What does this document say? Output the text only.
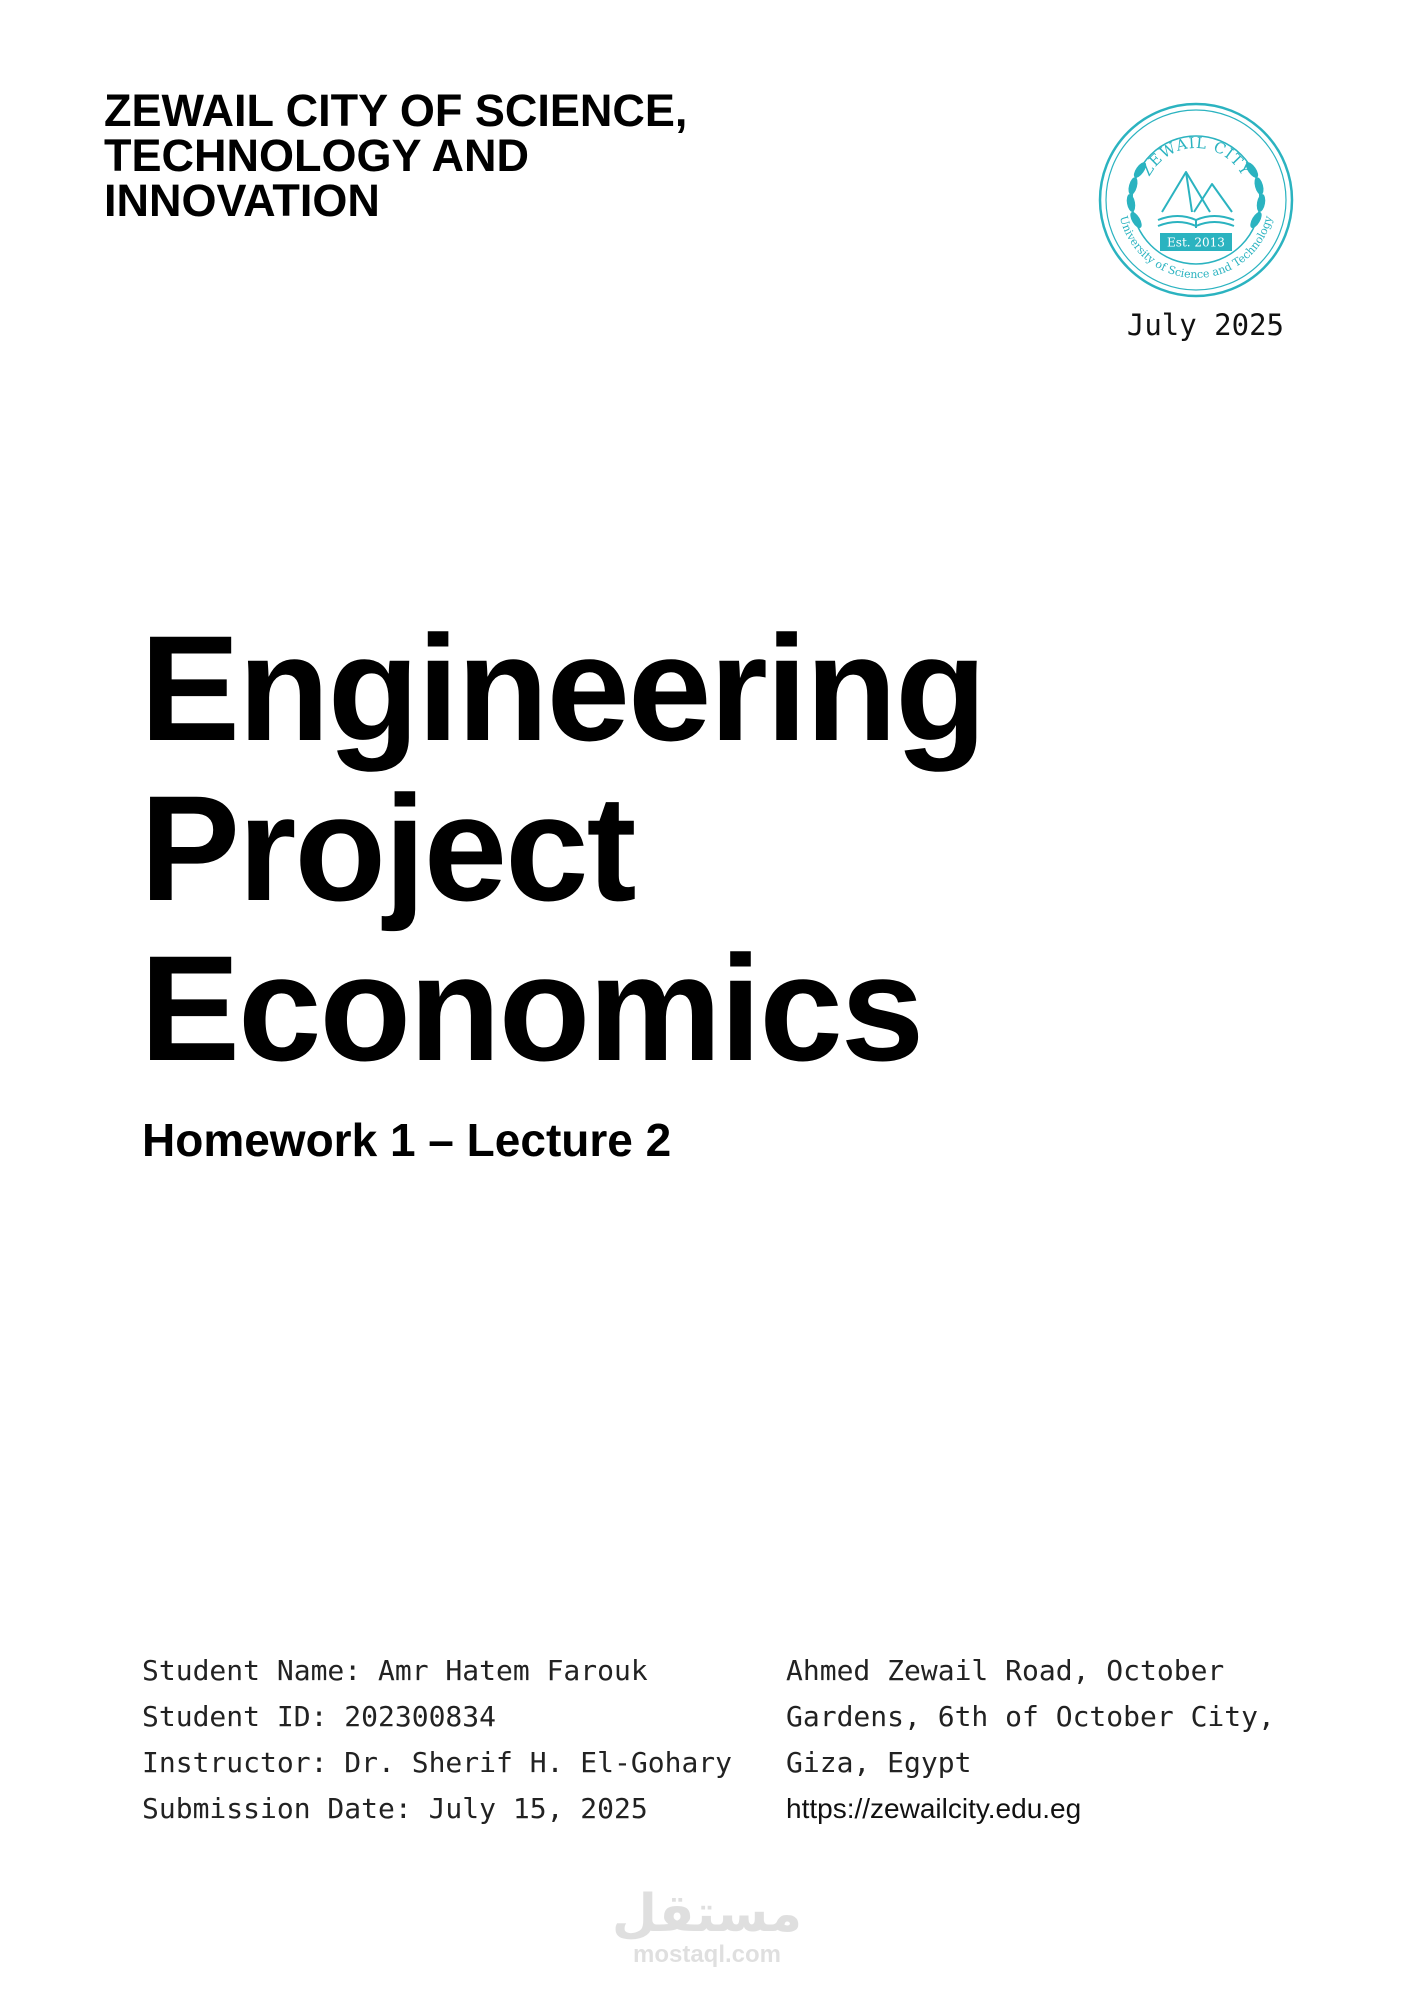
ZEWAIL CITY OF SCIENCE,
TECHNOLOGY AND
INNOVATION
Est. 2013
ZEWAIL CITY
University of Science and Technology
July 2025
Engineering
Project
Economics
Homework 1 – Lecture 2
Student Name: Amr Hatem Farouk
Student ID: 202300834
Instructor: Dr. Sherif H. El-Gohary
Submission Date: July 15, 2025
Ahmed Zewail Road, October
Gardens, 6th of October City,
Giza, Egypt
https://zewailcity.edu.eg
مستقل
mostaql.com
